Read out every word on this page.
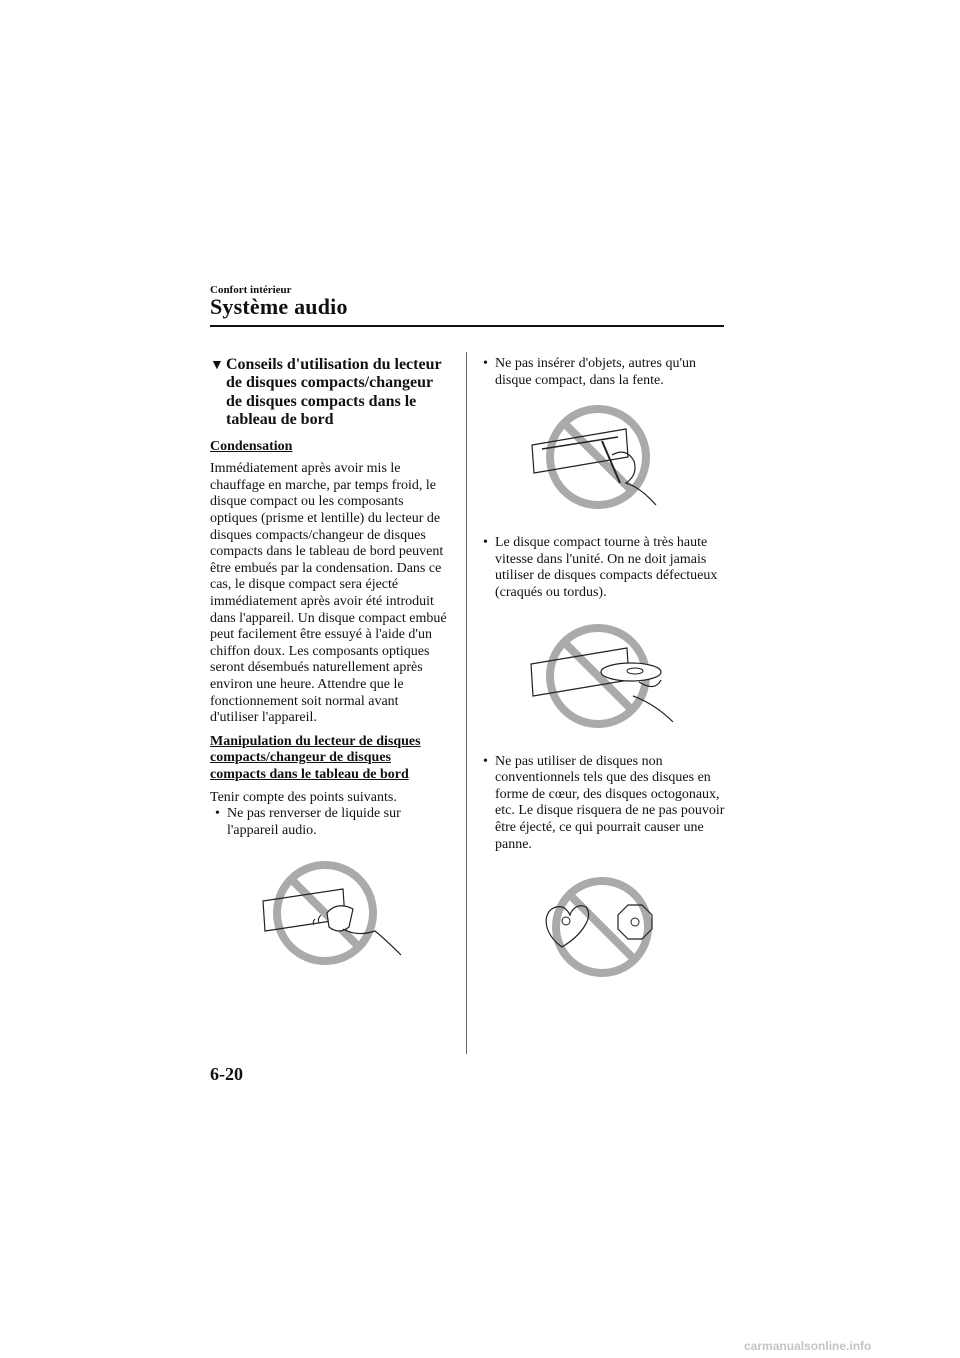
Confort intérieur
Système audio
▼ Conseils d'utilisation du lecteur de disques compacts/changeur de disques compacts dans le tableau de bord
Condensation

Immédiatement après avoir mis le chauffage en marche, par temps froid, le disque compact ou les composants optiques (prisme et lentille) du lecteur de disques compacts/changeur de disques compacts dans le tableau de bord peuvent être embués par la condensation. Dans ce cas, le disque compact sera éjecté immédiatement après avoir été introduit dans l'appareil. Un disque compact embué peut facilement être essuyé à l'aide d'un chiffon doux. Les composants optiques seront désembués naturellement après environ une heure. Attendre que le fonctionnement soit normal avant d'utiliser l'appareil.

Manipulation du lecteur de disques compacts/changeur de disques compacts dans le tableau de bord

Tenir compte des points suivants.

• Ne pas renverser de liquide sur l'appareil audio.
• Ne pas insérer d'objets, autres qu'un disque compact, dans la fente.
• Le disque compact tourne à très haute vitesse dans l'unité. On ne doit jamais utiliser de disques compacts défectueux (craqués ou tordus).
• Ne pas utiliser de disques non conventionnels tels que des disques en forme de cœur, des disques octogonaux, etc. Le disque risquera de ne pas pouvoir être éjecté, ce qui pourrait causer une panne.
6-20
carmanualsonline.info
